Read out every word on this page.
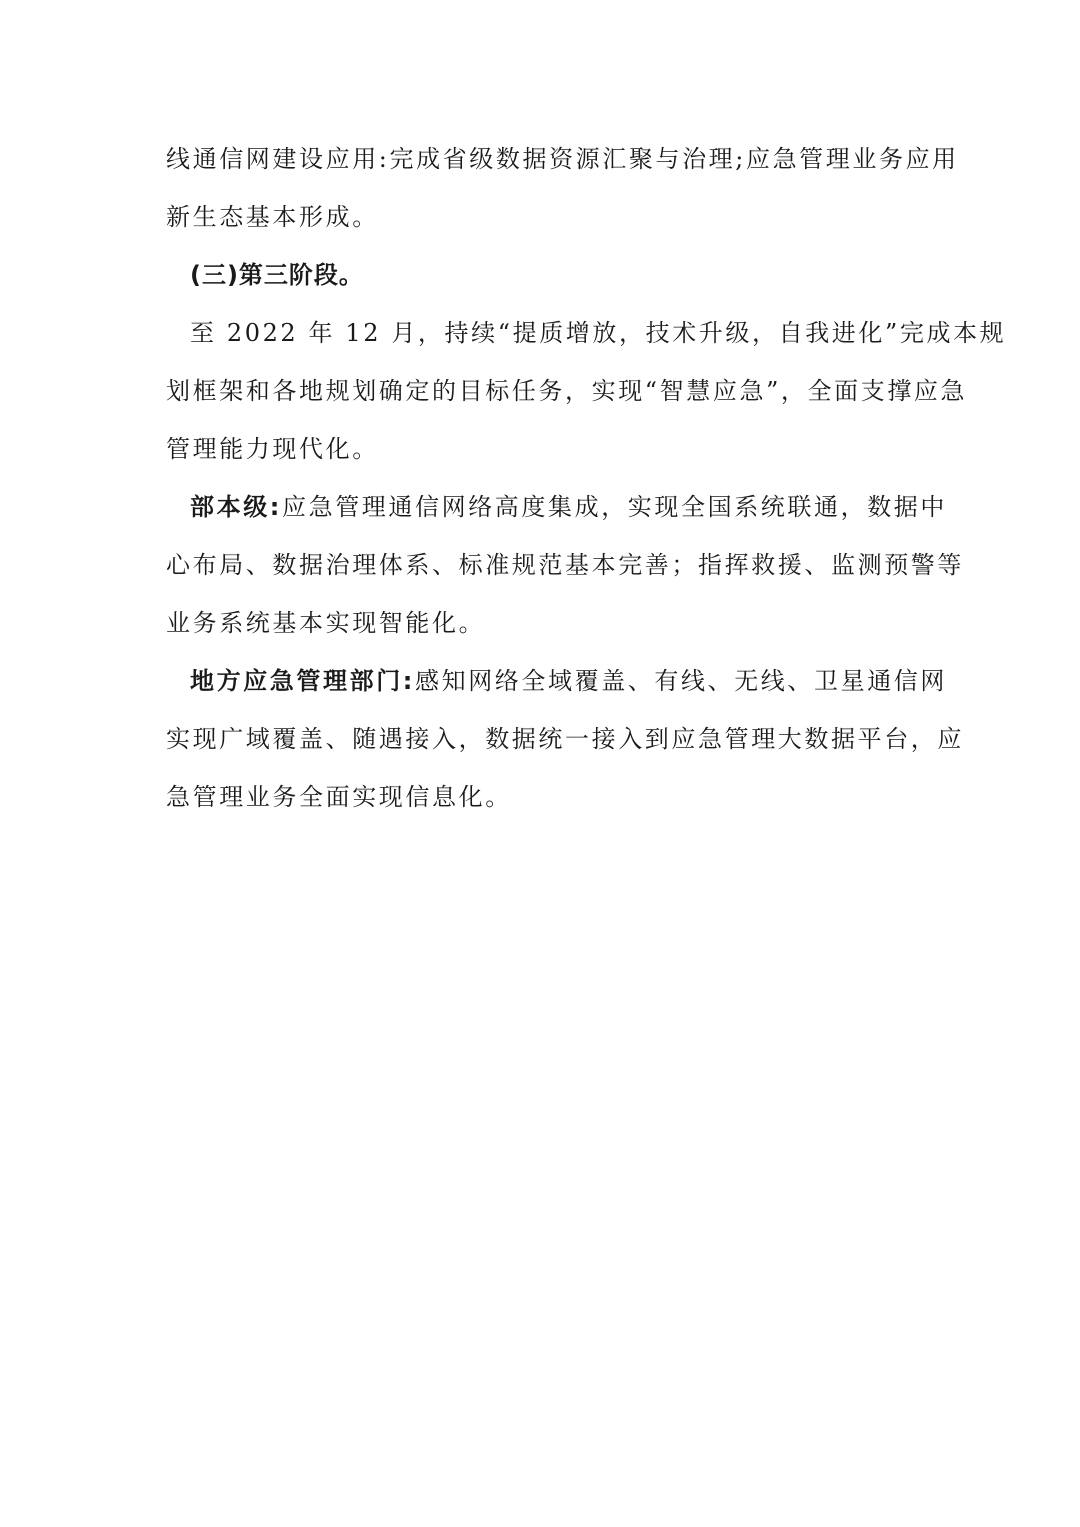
线通信网建设应用:完成省级数据资源汇聚与治理;应急管理业务应用
新生态基本形成。
(三)第三阶段。
至 2022 年 12 月，持续“提质增放，技术升级，自我进化”完成本规
划框架和各地规划确定的目标任务，实现“智慧应急”，全面支撑应急
管理能力现代化。
部本级:应急管理通信网络高度集成，实现全国系统联通，数据中
心布局、数据治理体系、标准规范基本完善；指挥救援、监测预警等
业务系统基本实现智能化。
地方应急管理部门:感知网络全域覆盖、有线、无线、卫星通信网
实现广域覆盖、随遇接入，数据统一接入到应急管理大数据平台，应
急管理业务全面实现信息化。
